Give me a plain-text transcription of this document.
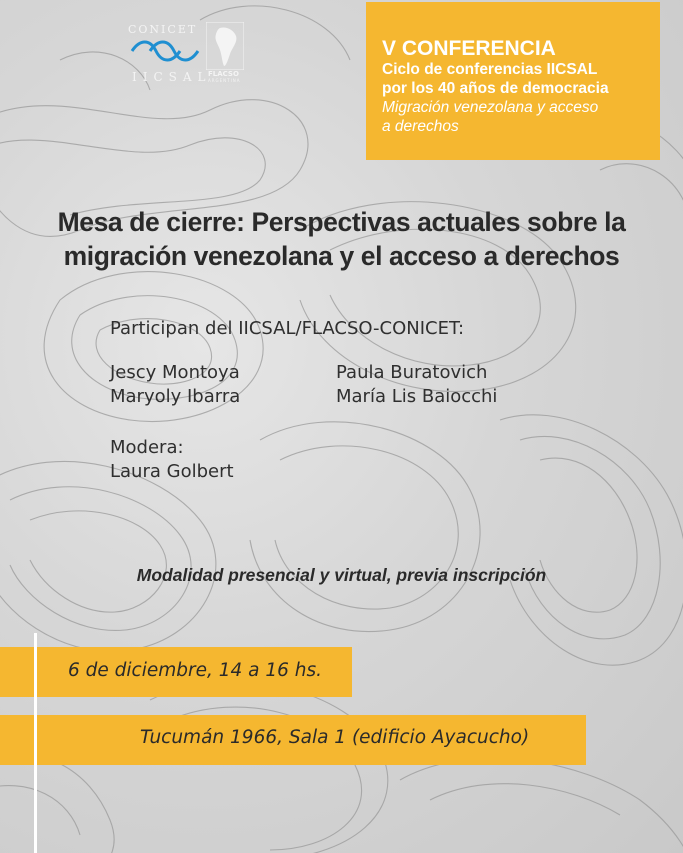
CONICET
IICSAL
FLACSO
ARGENTINA
V CONFERENCIA
Ciclo de conferencias IICSAL
por los 40 años de democracia
Migración venezolana y acceso
a derechos
Mesa de cierre: Perspectivas actuales sobre la
migración venezolana y el acceso a derechos
Participan del IICSAL/FLACSO-CONICET:
Jescy Montoya
Maryoly Ibarra
Paula Buratovich
María Lis Baiocchi
Modera:
Laura Golbert
Modalidad presencial y virtual, previa inscripción
6 de diciembre, 14 a 16 hs.
Tucumán 1966, Sala 1 (edificio Ayacucho)
